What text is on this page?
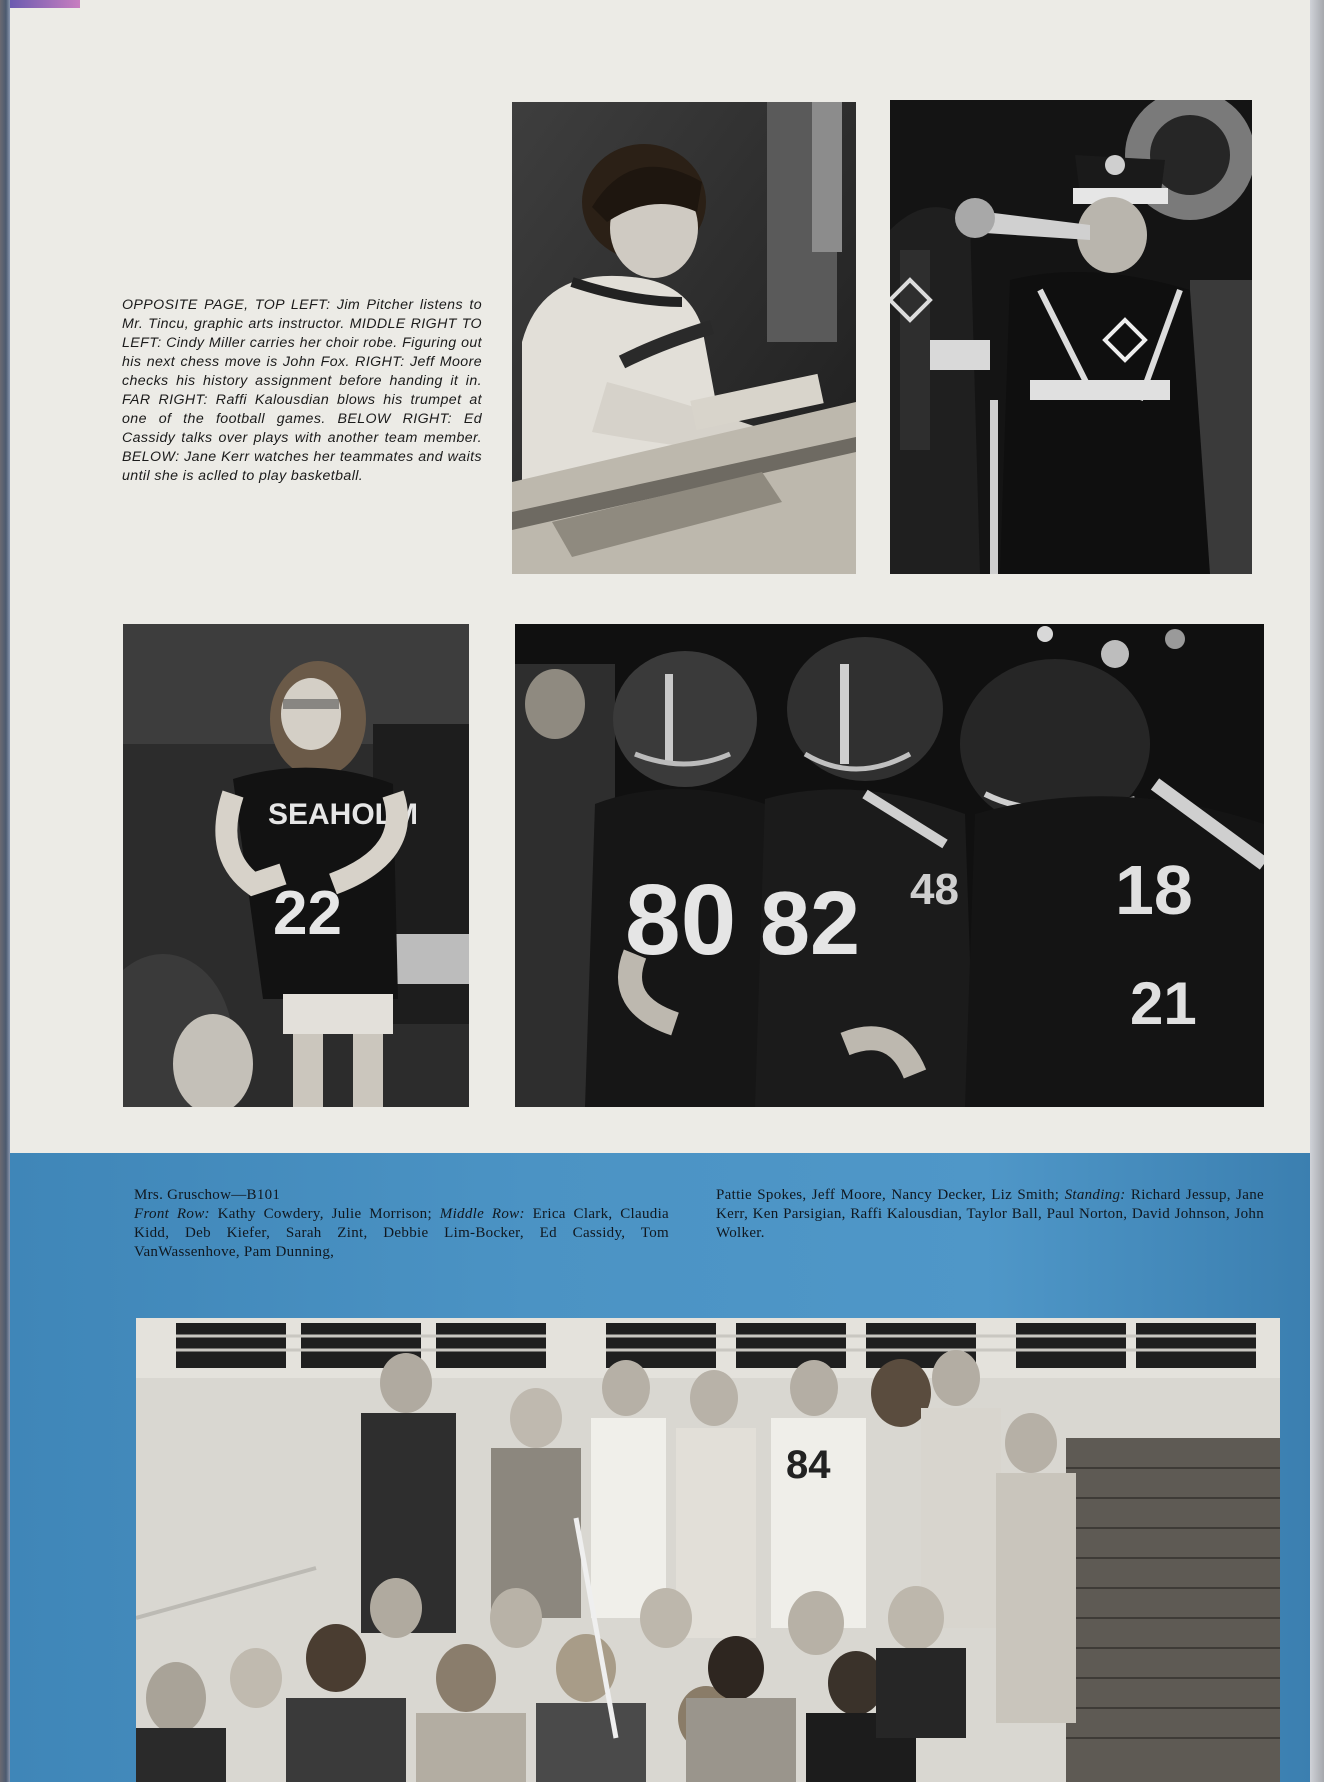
OPPOSITE PAGE, TOP LEFT: Jim Pitcher listens to Mr. Tincu, graphic arts instructor. MIDDLE RIGHT TO LEFT: Cindy Miller carries her choir robe. Figuring out his next chess move is John Fox. RIGHT: Jeff Moore checks his history assignment before handing it in. FAR RIGHT: Raffi Kalousdian blows his trumpet at one of the football games. BELOW RIGHT: Ed Cassidy talks over plays with another team member. BELOW: Jane Kerr watches her teammates and waits until she is aclled to play basketball.

SEAHOLM
22	80 82 48
21
18
Mrs. Gruschow—B101
Front Row: Kathy Cowdery, Julie Morrison; Middle Row: Erica Clark, Claudia Kidd, Deb Kiefer, Sarah Zint, Debbie Lim-Bocker, Ed Cassidy, Tom VanWassenhove, Pam Dunning,
Pattie Spokes, Jeff Moore, Nancy Decker, Liz Smith; Standing: Richard Jessup, Jane Kerr, Ken Parsigian, Raffi Kalousdian, Taylor Ball, Paul Norton, David Johnson, John Wolker.
84
